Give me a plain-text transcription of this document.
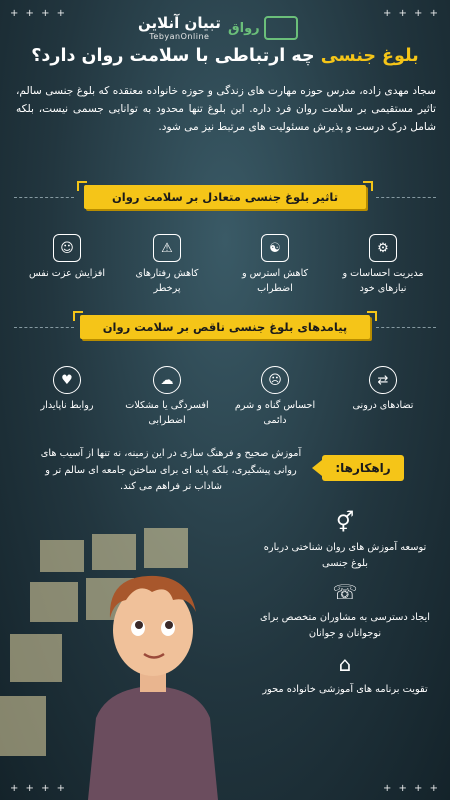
+ + + +	+ + + +
+ + + +	+ + + +
تبیان آنلاین
TebyanOnline
رواق
بلوغ جنسی چه ارتباطی با سلامت روان دارد؟
سجاد مهدی زاده، مدرس حوزه مهارت های زندگی و حوزه خانواده معتقده که بلوغ جنسی سالم، تاثیر مستقیمی بر سلامت روان فرد داره. این بلوغ تنها محدود به توانایی جسمی نیست، بلکه شامل درک درست و پذیرش مسئولیت های مرتبط نیز می شود.
تاثیر بلوغ جنسی متعادل بر سلامت روان
⚙
مدیریت احساسات و نیازهای خود
☯
کاهش استرس و اضطراب
⚠
کاهش رفتارهای پرخطر
☺
افزایش عزت نفس
پیامدهای بلوغ جنسی ناقص بر سلامت روان
⇄
تضادهای درونی
☹
احساس گناه و شرم دائمی
☁
افسردگی یا مشکلات اضطرابی
♥
روابط ناپایدار
راهکارها:
آموزش صحیح و فرهنگ سازی در این زمینه، نه تنها از آسیب های روانی پیشگیری، بلکه پایه ای برای ساختن جامعه ای سالم تر و شاداب تر فراهم می کند.
⚥
توسعه آموزش های روان شناختی درباره بلوغ جنسی
☏
ایجاد دسترسی به مشاوران متخصص برای نوجوانان و جوانان
⌂
تقویت برنامه های آموزشی خانواده محور
